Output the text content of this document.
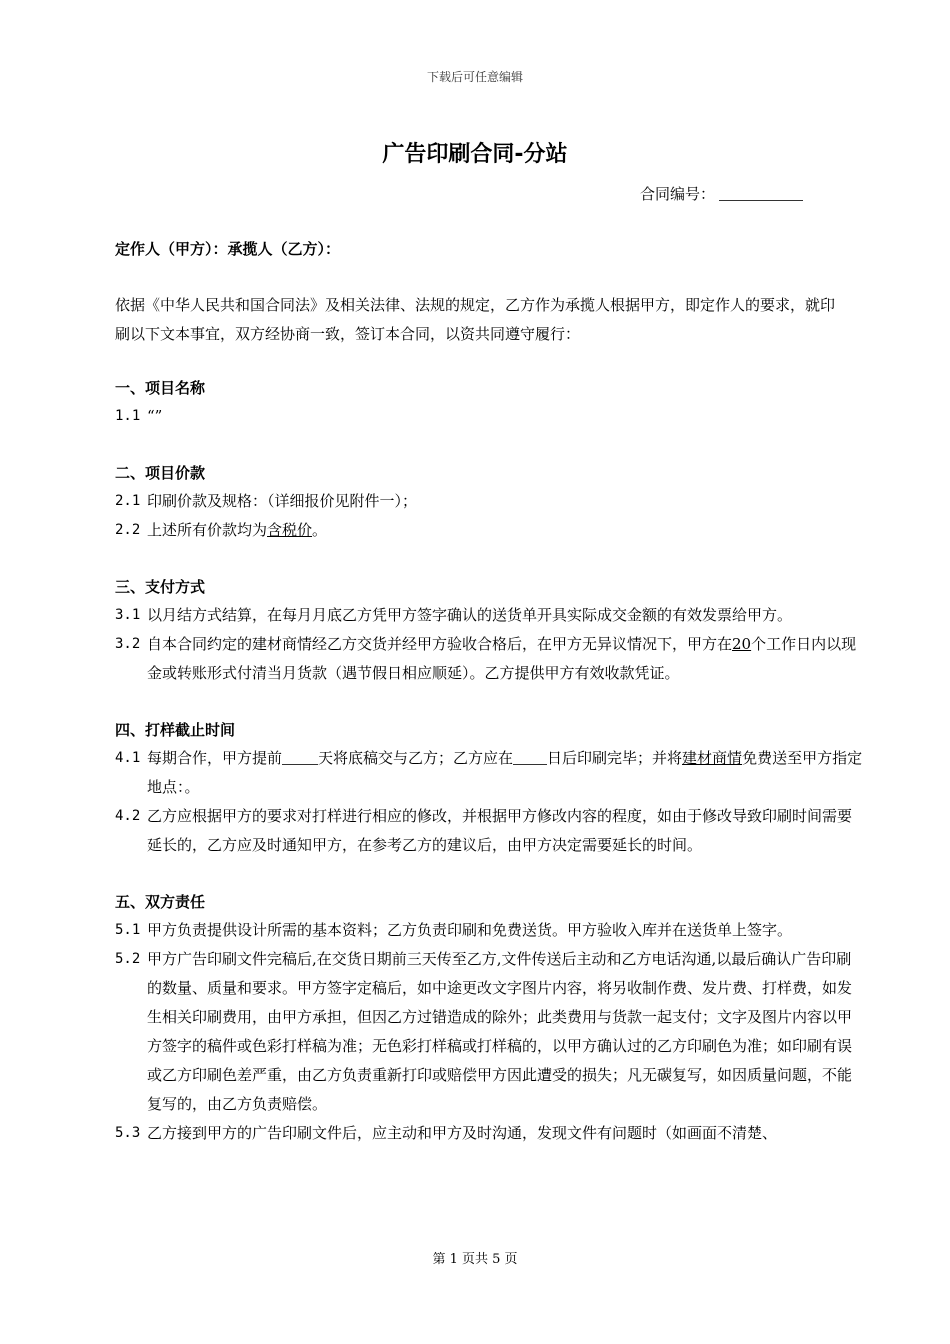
下载后可任意编辑
广告印刷合同-分站
合同编号：
定作人（甲方）：承揽人（乙方）：
依据《中华人民共和国合同法》及相关法律、法规的规定，乙方作为承揽人根据甲方，即定作人的要求，就印刷以下文本事宜，双方经协商一致，签订本合同，以资共同遵守履行：
一、项目名称
1.1 “”
二、项目价款
2.1 印刷价款及规格：（详细报价见附件一）；
2.2 上述所有价款均为含税价。
三、支付方式
3.1 以月结方式结算，在每月月底乙方凭甲方签字确认的送货单开具实际成交金额的有效发票给甲方。
3.2 自本合同约定的建材商情经乙方交货并经甲方验收合格后，在甲方无异议情况下，甲方在20个工作日内以现金或转账形式付清当月货款（遇节假日相应顺延）。乙方提供甲方有效收款凭证。
四、打样截止时间
4.1 每期合作，甲方提前 天将底稿交与乙方；乙方应在 日后印刷完毕；并将建材商情免费送至甲方指定地点：。
4.2 乙方应根据甲方的要求对打样进行相应的修改，并根据甲方修改内容的程度，如由于修改导致印刷时间需要延长的，乙方应及时通知甲方，在参考乙方的建议后，由甲方决定需要延长的时间。
五、双方责任
5.1 甲方负责提供设计所需的基本资料；乙方负责印刷和免费送货。甲方验收入库并在送货单上签字。
5.2 甲方广告印刷文件完稿后,在交货日期前三天传至乙方,文件传送后主动和乙方电话沟通,以最后确认广告印刷的数量、质量和要求。甲方签字定稿后，如中途更改文字图片内容，将另收制作费、发片费、打样费，如发生相关印刷费用，由甲方承担，但因乙方过错造成的除外；此类费用与货款一起支付；文字及图片内容以甲方签字的稿件或色彩打样稿为准；无色彩打样稿或打样稿的，以甲方确认过的乙方印刷色为准；如印刷有误或乙方印刷色差严重，由乙方负责重新打印或赔偿甲方因此遭受的损失；凡无碳复写，如因质量问题，不能复写的，由乙方负责赔偿。
5.3 乙方接到甲方的广告印刷文件后，应主动和甲方及时沟通，发现文件有问题时（如画面不清楚、
第 1 页共 5 页
